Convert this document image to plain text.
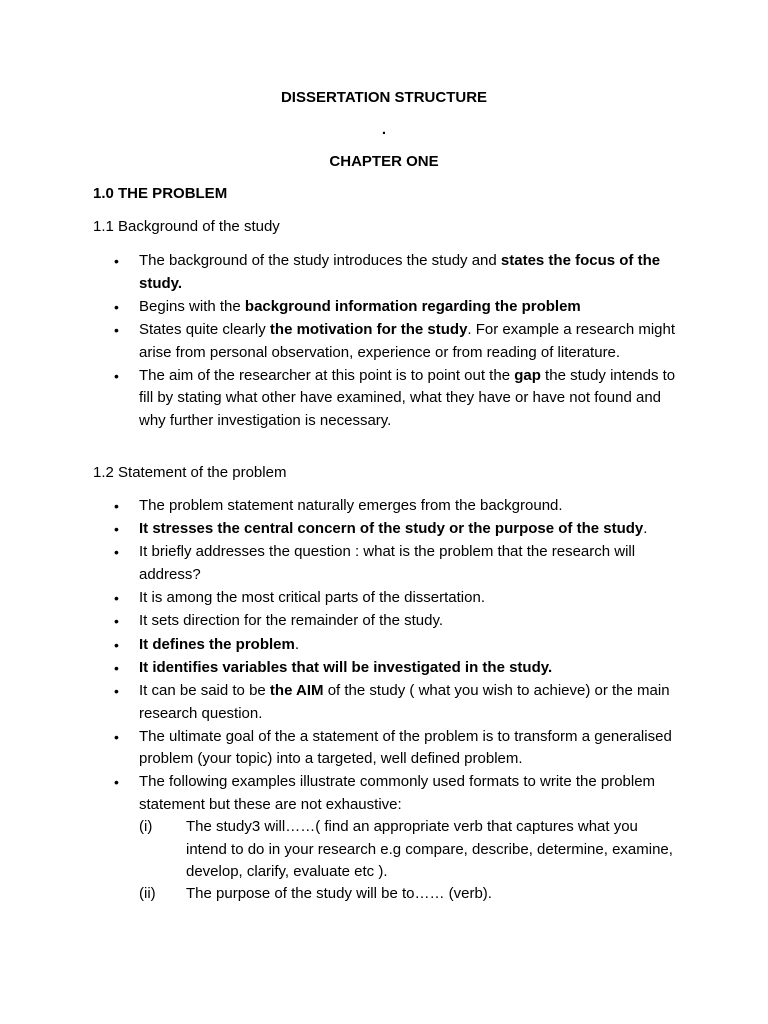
DISSERTATION STRUCTURE
.
CHAPTER ONE
1.0 THE PROBLEM
1.1 Background of the study
• The background of the study introduces the study and states the focus of the study.
• Begins with the background information regarding the problem
• States quite clearly the motivation for the study. For example a research might arise from personal observation, experience or from reading of literature.
• The aim of the researcher at this point is to point out the gap the study intends to fill by stating what other have examined, what they have or have not found and why further investigation is necessary.
1.2 Statement of the problem
• The problem statement naturally emerges from the background.
• It stresses the central concern of the study or the purpose of the study.
• It briefly addresses the question : what is the problem that the research will address?
• It is among the most critical parts of the dissertation.
• It sets direction for the remainder of the study.
• It defines the problem.
• It identifies variables that will be investigated in the study.
• It can be said to be the AIM of the study ( what you wish to achieve) or the main research question.
• The ultimate goal of the a statement of the problem is to transform a generalised problem (your topic) into a targeted, well defined problem.
• The following examples illustrate commonly used formats to write the problem statement but these are not exhaustive:
(i) The study3 will……( find an appropriate verb that captures what you intend to do in your research e.g compare, describe, determine, examine, develop, clarify, evaluate etc ).
(ii) The purpose of the study will be to…… (verb).
